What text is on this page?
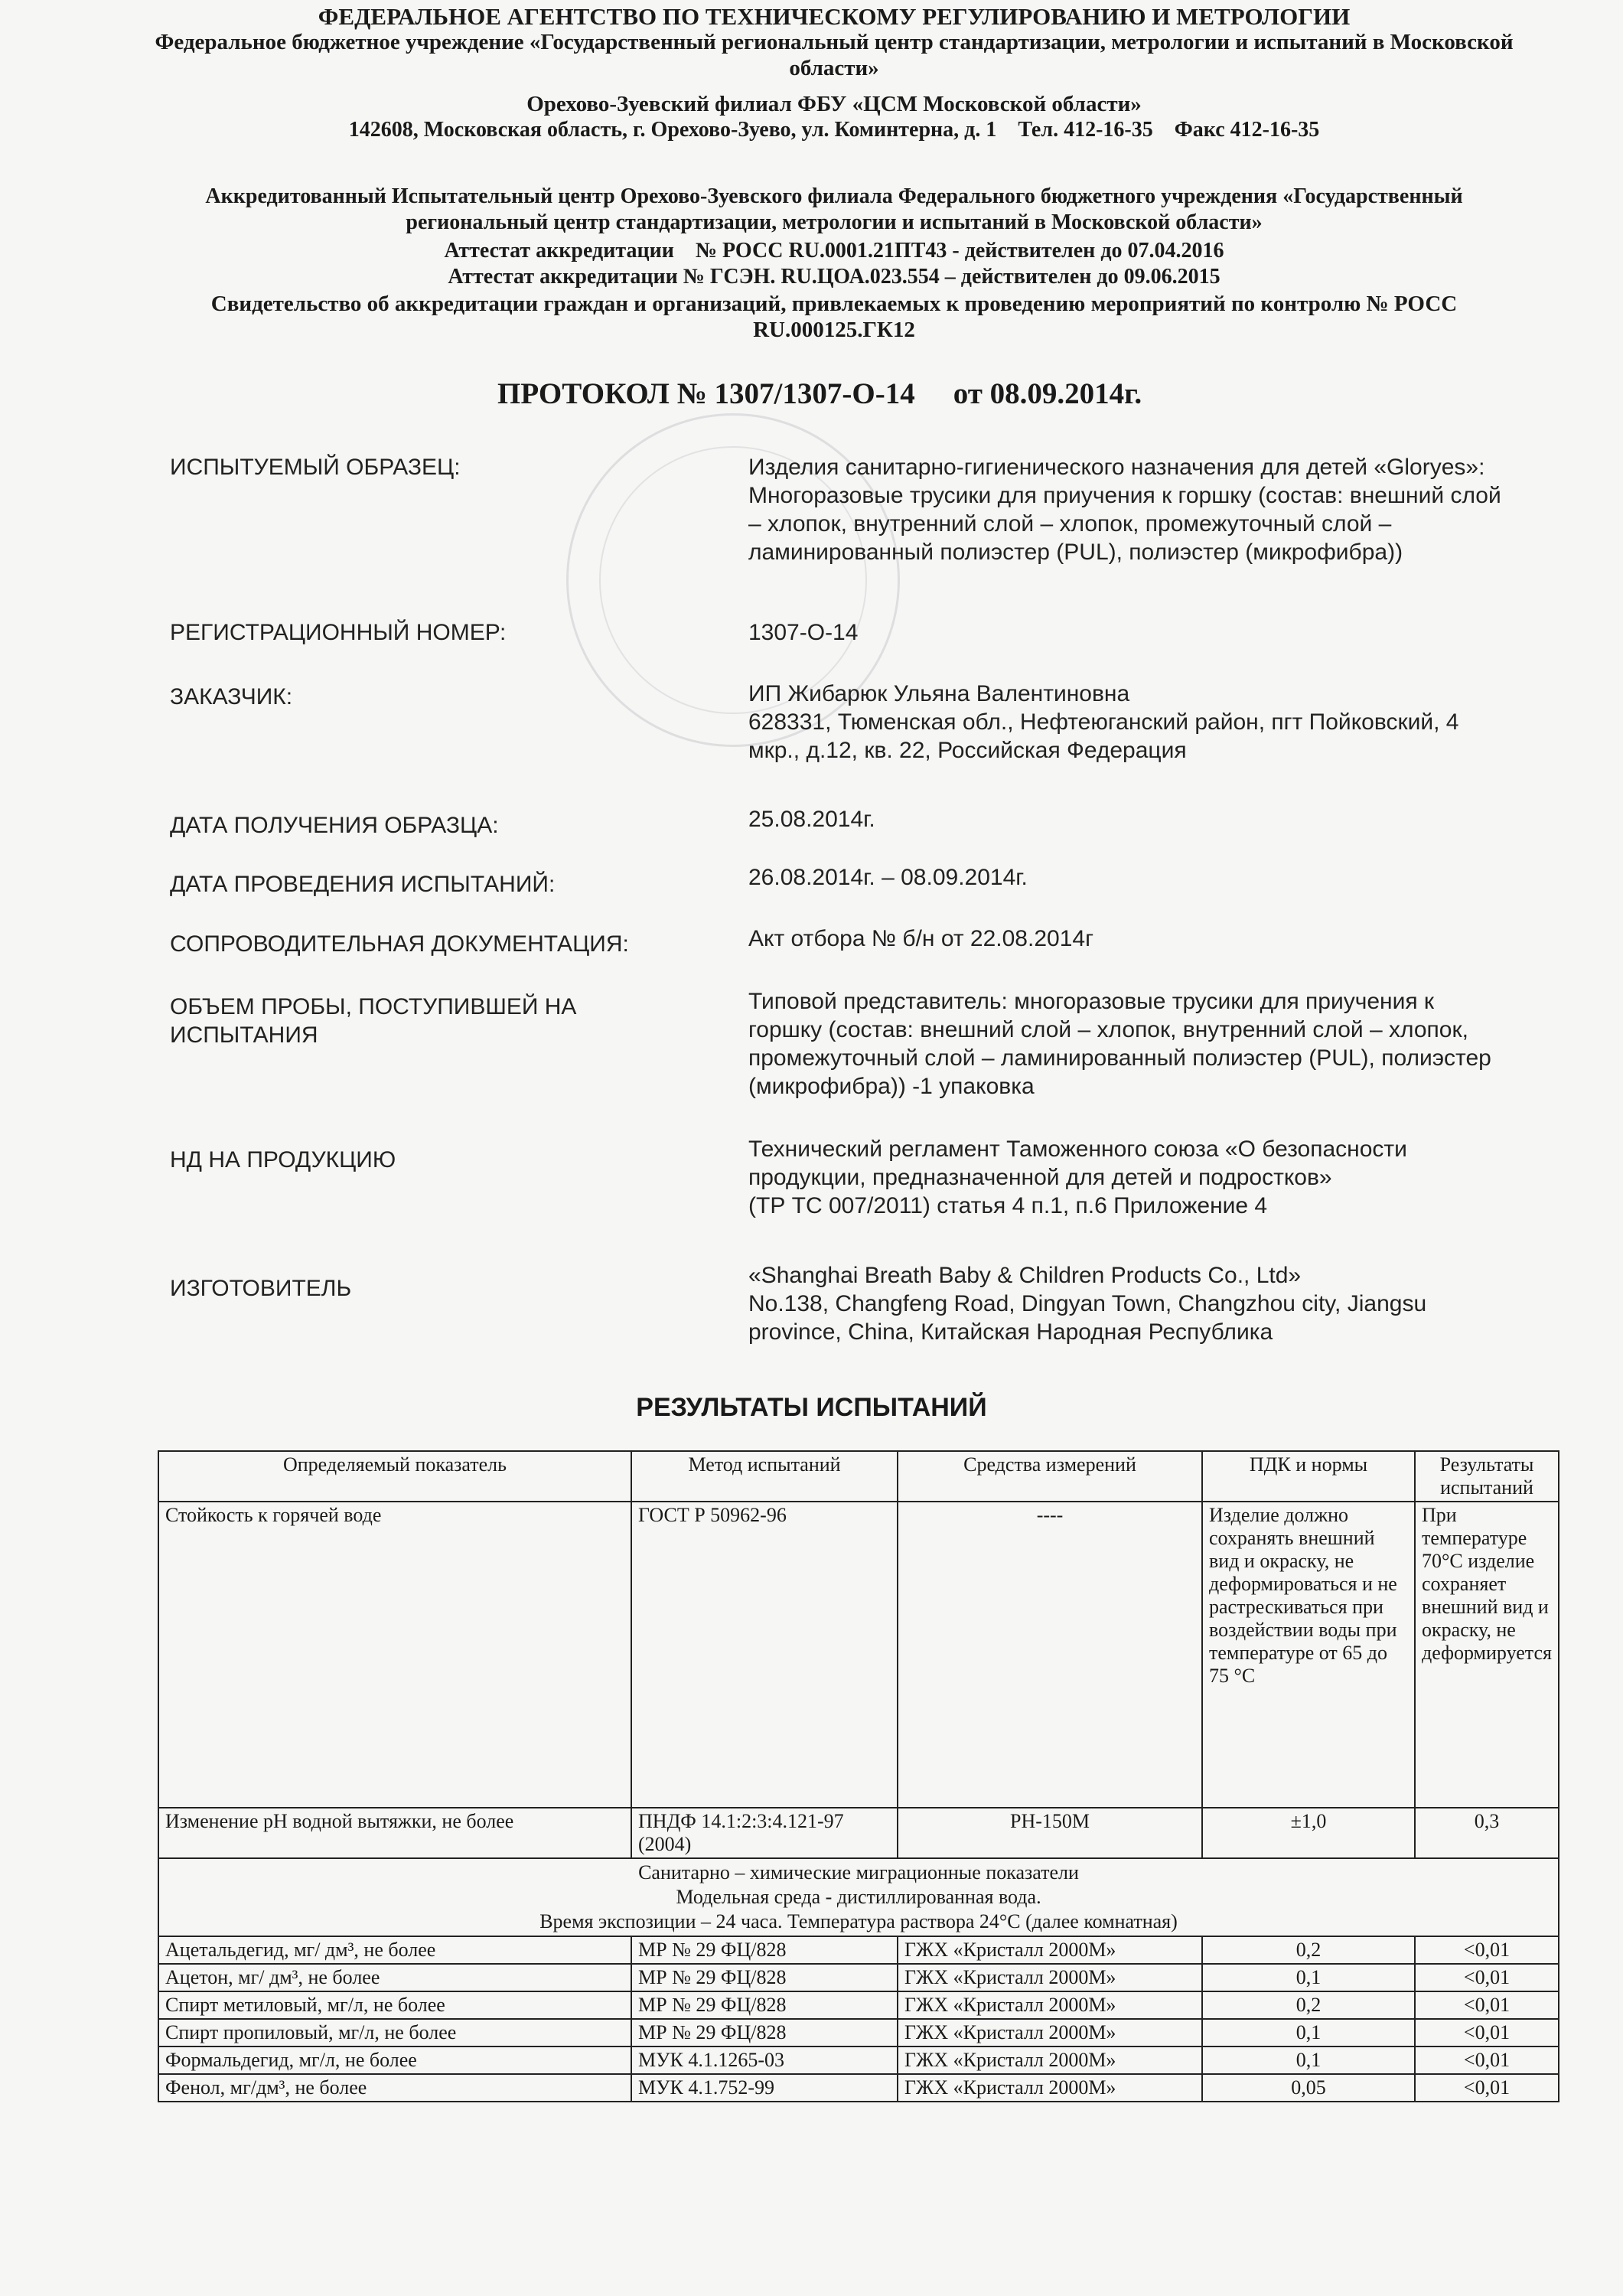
ФЕДЕРАЛЬНОЕ АГЕНТСТВО ПО ТЕХНИЧЕСКОМУ РЕГУЛИРОВАНИЮ И МЕТРОЛОГИИ
Федеральное бюджетное учреждение «Государственный региональный центр стандартизации, метрологии и испытаний в Московской области»
Орехово-Зуевский филиал ФБУ «ЦСМ Московской области»
142608, Московская область, г. Орехово-Зуево, ул. Коминтерна, д. 1    Тел. 412-16-35    Факс 412-16-35
Аккредитованный Испытательный центр Орехово-Зуевского филиала Федерального бюджетного учреждения «Государственный региональный центр стандартизации, метрологии и испытаний в Московской области»
Аттестат аккредитации    № РОСС RU.0001.21ПТ43 - действителен до 07.04.2016
Аттестат аккредитации № ГСЭН. RU.ЦОА.023.554 – действителен до 09.06.2015
Свидетельство об аккредитации граждан и организаций, привлекаемых к проведению мероприятий по контролю № РОСС RU.000125.ГК12
ПРОТОКОЛ № 1307/1307-О-14 от 08.09.2014г.
ИСПЫТУЕМЫЙ ОБРАЗЕЦ:	Изделия санитарно-гигиенического назначения для детей «Gloryes»: Многоразовые трусики для приучения к горшку (состав: внешний слой – хлопок, внутренний слой – хлопок, промежуточный слой – ламинированный полиэстер (PUL), полиэстер (микрофибра))
РЕГИСТРАЦИОННЫЙ НОМЕР:	1307-О-14
ЗАКАЗЧИК:	ИП Жибарюк Ульяна Валентиновна
628331, Тюменская обл., Нефтеюганский район, пгт Пойковский, 4 мкр., д.12, кв. 22, Российская Федерация
ДАТА ПОЛУЧЕНИЯ ОБРАЗЦА:	25.08.2014г.
ДАТА ПРОВЕДЕНИЯ ИСПЫТАНИЙ:	26.08.2014г. – 08.09.2014г.
СОПРОВОДИТЕЛЬНАЯ ДОКУМЕНТАЦИЯ:	Акт отбора № б/н от 22.08.2014г
ОБЪЕМ ПРОБЫ, ПОСТУПИВШЕЙ НА ИСПЫТАНИЯ
Типовой представитель: многоразовые трусики для приучения к горшку (состав: внешний слой – хлопок, внутренний слой – хлопок, промежуточный слой – ламинированный полиэстер (PUL), полиэстер (микрофибра)) -1 упаковка
НД НА ПРОДУКЦИЮ	Технический регламент Таможенного союза «О безопасности продукции, предназначенной для детей и подростков»
(ТР ТС 007/2011) статья 4 п.1, п.6 Приложение 4
ИЗГОТОВИТЕЛЬ
«Shanghai Breath Baby & Children Products Co., Ltd»
No.138, Changfeng Road, Dingyan Town, Changzhou city, Jiangsu province, China, Китайская Народная Республика
РЕЗУЛЬТАТЫ ИСПЫТАНИЙ
Определяемый показатель	Метод испытаний	Средства измерений	ПДК и нормы	Результаты испытаний
Стойкость к горячей воде	ГОСТ Р 50962-96	----	Изделие должно сохранять внешний вид и окраску, не деформироваться и не растрескиваться при воздействии воды при температуре от 65 до 75 °С	При температуре 70°С изделие сохраняет внешний вид и окраску, не деформируется
Изменение рН водной вытяжки, не более	ПНДФ 14.1:2:3:4.121-97 (2004)	PH-150M	±1,0	0,3

Санитарно – химические миграционные показатели
Модельная среда - дистиллированная вода.
Время экспозиции – 24 часа. Температура раствора 24°С (далее комнатная)				

Ацетальдегид, мг/ дм³, не более	МР № 29 ФЦ/828	ГЖХ «Кристалл 2000М»	0,2	<0,01
Ацетон, мг/ дм³, не более	МР № 29 ФЦ/828	ГЖХ «Кристалл 2000М»	0,1	<0,01
Спирт метиловый, мг/л, не более	МР № 29 ФЦ/828	ГЖХ «Кристалл 2000М»	0,2	<0,01
Спирт пропиловый, мг/л, не более	МР № 29 ФЦ/828	ГЖХ «Кристалл 2000М»	0,1	<0,01
Формальдегид, мг/л, не более	МУК 4.1.1265-03	ГЖХ «Кристалл 2000М»	0,1	<0,01
Фенол, мг/дм³, не более	МУК 4.1.752-99	ГЖХ «Кристалл 2000М»	0,05	<0,01
